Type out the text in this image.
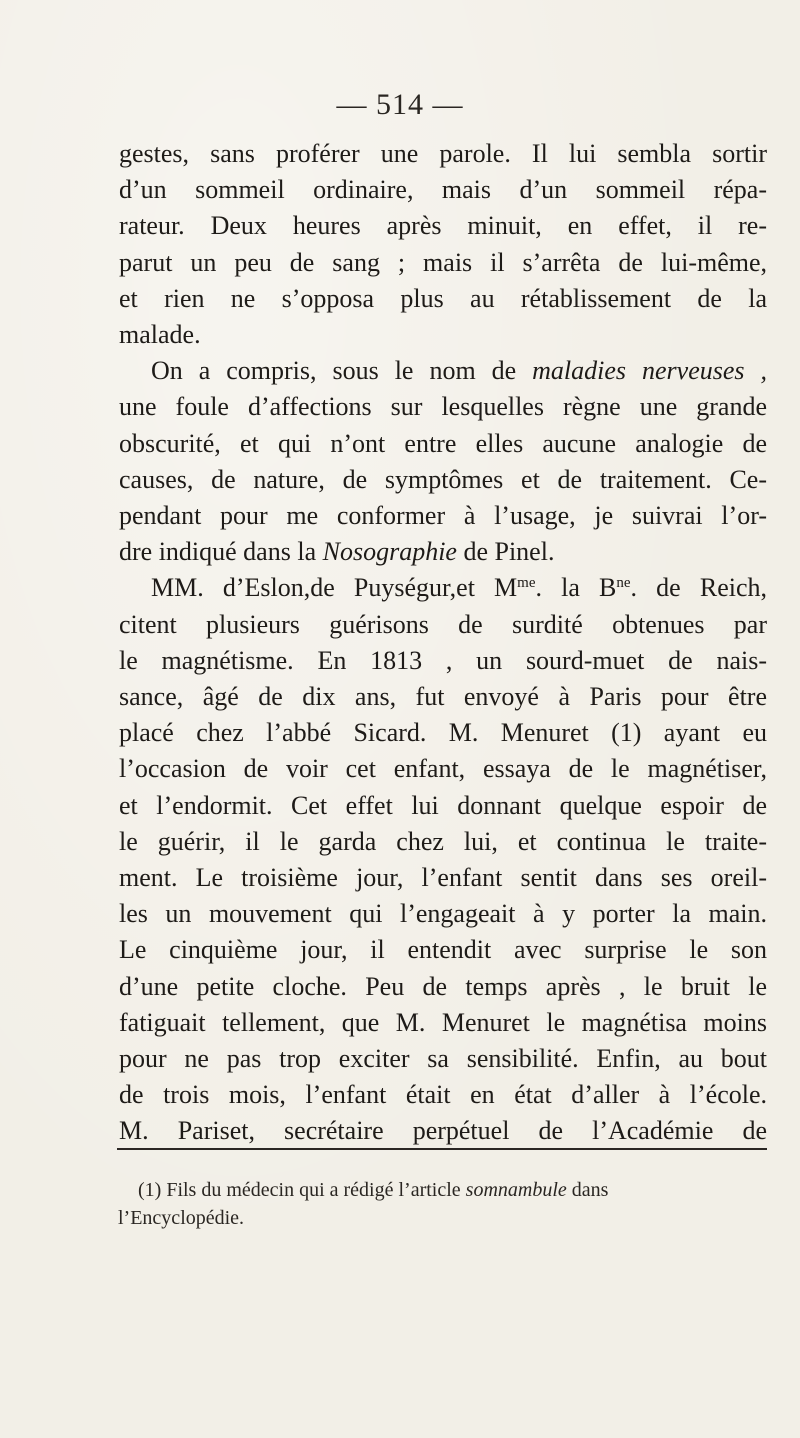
— 514 —
gestes, sans proférer une parole. Il lui sembla sortir
d’un sommeil ordinaire, mais d’un sommeil répa-
rateur. Deux heures après minuit, en effet, il re-
parut un peu de sang ; mais il s’arrêta de lui-même,
et rien ne s’opposa plus au rétablissement de la
malade.
On a compris, sous le nom de maladies nerveuses ,
une foule d’affections sur lesquelles règne une grande
obscurité, et qui n’ont entre elles aucune analogie de
causes, de nature, de symptômes et de traitement. Ce-
pendant pour me conformer à l’usage, je suivrai l’or-
dre indiqué dans la Nosographie de Pinel.
MM. d’Eslon,de Puységur,et $M^{me}$. la $B^{ne}$. de Reich,
citent plusieurs guérisons de surdité obtenues par
le magnétisme. En 1813 , un sourd-muet de nais-
sance, âgé de dix ans, fut envoyé à Paris pour être
placé chez l’abbé Sicard. M. Menuret (1) ayant eu
l’occasion de voir cet enfant, essaya de le magnétiser,
et l’endormit. Cet effet lui donnant quelque espoir de
le guérir, il le garda chez lui, et continua le traite-
ment. Le troisième jour, l’enfant sentit dans ses oreil-
les un mouvement qui l’engageait à y porter la main.
Le cinquième jour, il entendit avec surprise le son
d’une petite cloche. Peu de temps après , le bruit le
fatiguait tellement, que M. Menuret le magnétisa moins
pour ne pas trop exciter sa sensibilité. Enfin, au bout
de trois mois, l’enfant était en état d’aller à l’école.
M. Pariset, secrétaire perpétuel de l’Académie de
(1) Fils du médecin qui a rédigé l’article somnambule dans
l’Encyclopédie.
